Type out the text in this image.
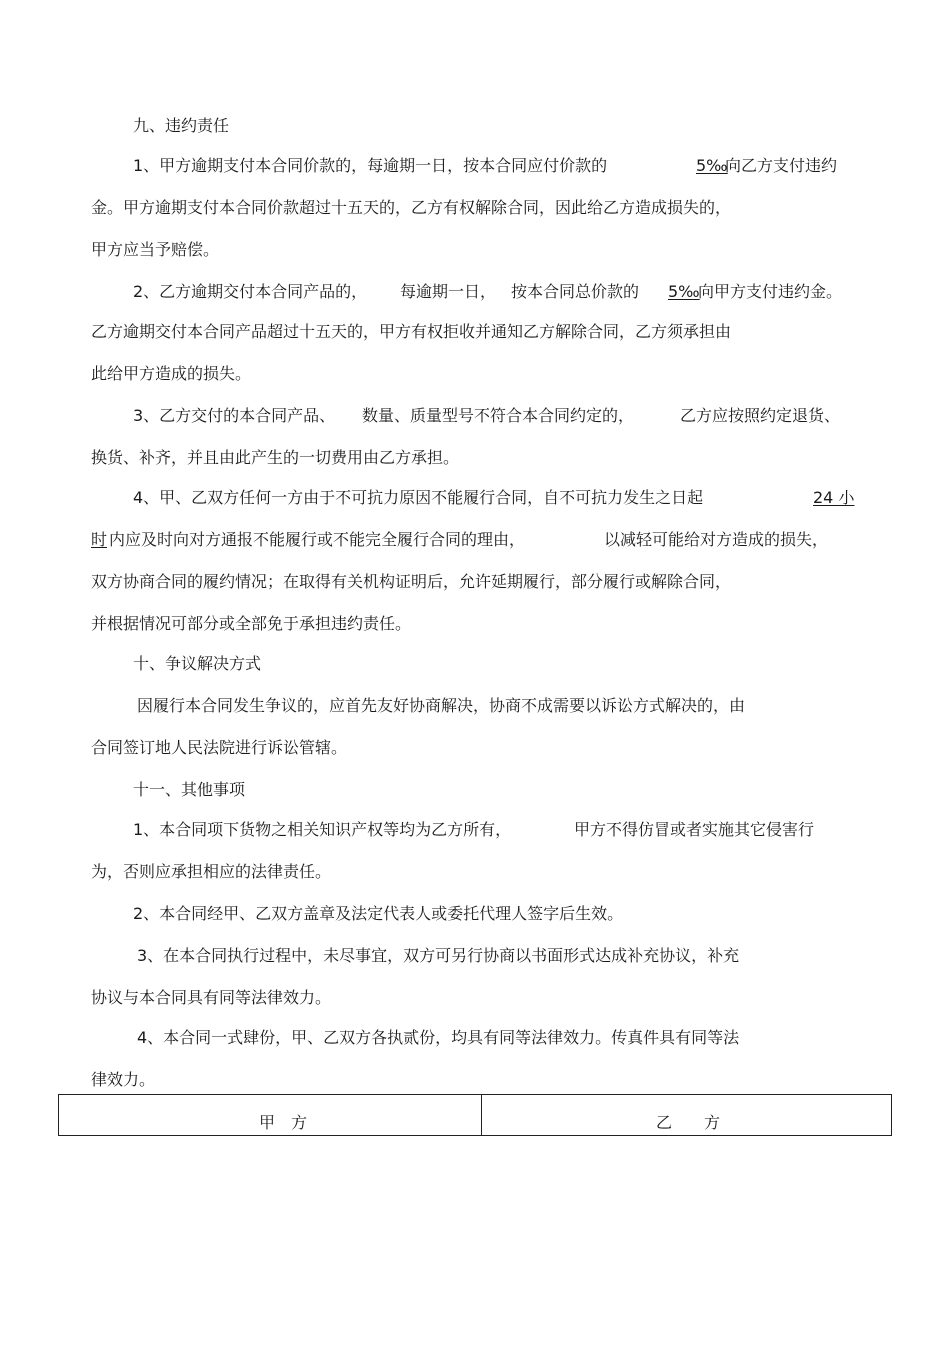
九、违约责任
1、甲方逾期支付本合同价款的，每逾期一日，按本合同应付价款的	5‰
向乙方支付违约
金。甲方逾期支付本合同价款超过十五天的，乙方有权解除合同，因此给乙方造成损失的，
甲方应当予赔偿。
2、乙方逾期交付本合同产品的， 每逾期一日， 按本合同总价款的 5‰
向甲方支付违约金。
乙方逾期交付本合同产品超过十五天的，甲方有权拒收并通知乙方解除合同，乙方须承担由
此给甲方造成的损失。
3、乙方交付的本合同产品、 数量、质量型号不符合本合同约定的，	乙方应按照约定退货、
换货、补齐，并且由此产生的一切费用由乙方承担。
4、甲、乙双方任何一方由于不可抗力原因不能履行合同，自不可抗力发生之日起	24 小
时 内应及时向对方通报不能履行或不能完全履行合同的理由，	以减轻可能给对方造成的损失，
双方协商合同的履约情况；在取得有关机构证明后，允许延期履行，部分履行或解除合同，
并根据情况可部分或全部免于承担违约责任。
十、争议解决方式
因履行本合同发生争议的，应首先友好协商解决，协商不成需要以诉讼方式解决的，由
合同签订地人民法院进行诉讼管辖。
十一、其他事项
1、本合同项下货物之相关知识产权等均为乙方所有，	甲方不得仿冒或者实施其它侵害行
为，否则应承担相应的法律责任。
2、本合同经甲、乙双方盖章及法定代表人或委托代理人签字后生效。
3、在本合同执行过程中，未尽事宜，双方可另行协商以书面形式达成补充协议，补充
协议与本合同具有同等法律效力。
4、本合同一式肆份，甲、乙双方各执贰份，均具有同等法律效力。传真件具有同等法
律效力。
甲　方	乙　　方
